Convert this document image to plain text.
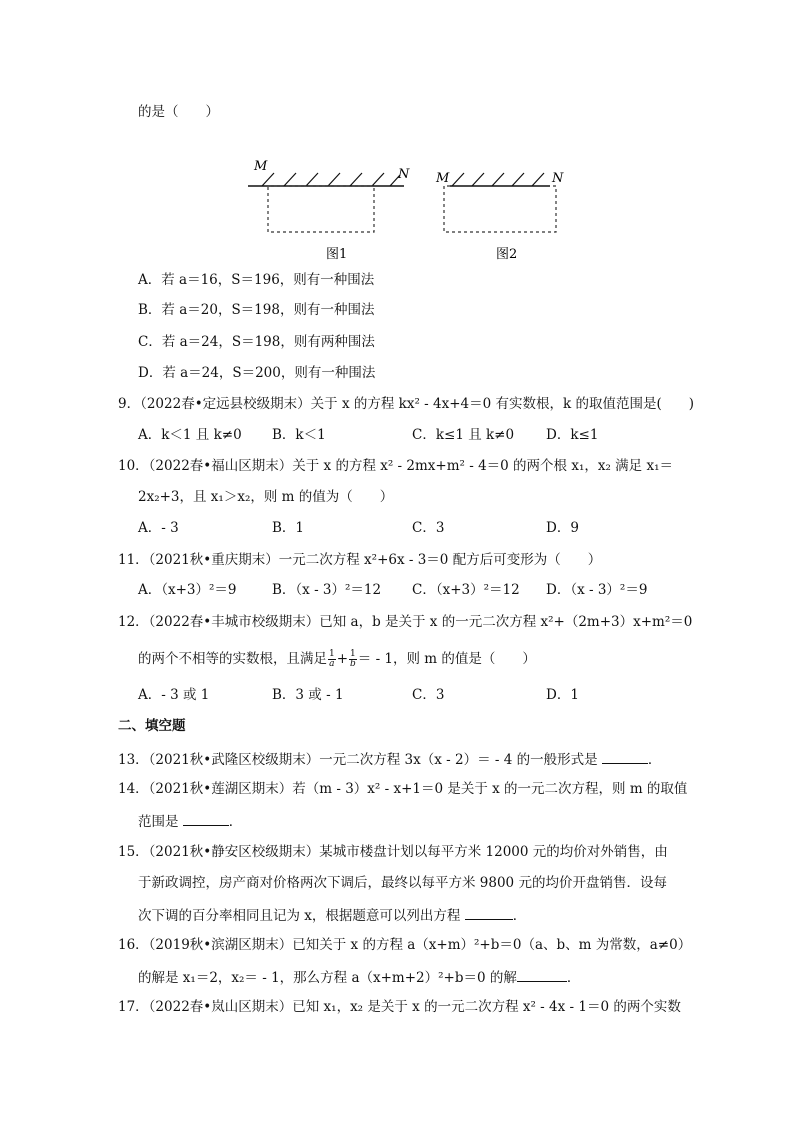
的是（　　）
M
N
图1
M	N
图2
A．若 a＝16，S＝196，则有一种围法
B．若 a＝20，S＝198，则有一种围法
C．若 a＝24，S＝198，则有两种围法
D．若 a＝24，S＝200，则有一种围法
9．（2022春•定远县校级期末）关于 x 的方程 kx² - 4x+4＝0 有实数根，k 的取值范围是(　　)
A．k＜1 且 k≠0 B．k＜1	C．k≤1 且 k≠0 D．k≤1
10．（2022春•福山区期末）关于 x 的方程 x² - 2mx+m² - 4＝0 的两个根 x₁，x₂ 满足 x₁＝
2x₂+3，且 x₁＞x₂，则 m 的值为（　　）
A．- 3	B．1	C．3	D．9
11．（2021秋•重庆期末）一元二次方程 x²+6x - 3＝0 配方后可变形为（　　）
A．（x+3）²＝9	B．（x - 3）²＝12 C．（x+3）²＝12 D．（x - 3）²＝9
12．（2022春•丰城市校级期末）已知 a，b 是关于 x 的一元二次方程 x²+（2m+3）x+m²＝0
的两个不相等的实数根，且满足 $\frac{1}{a} + \frac{1}{b}$ ＝ - 1，则 m 的值是（　　）
A．- 3 或 1	B．3 或 - 1	C．3	D．1
二、填空题
13．（2021秋•武隆区校级期末）一元二次方程 3x（x - 2）＝ - 4 的一般形式是	．
14．（2021秋•莲湖区期末）若（m - 3）x² - x+1＝0 是关于 x 的一元二次方程，则 m 的取值
范围是	．
15．（2021秋•静安区校级期末）某城市楼盘计划以每平方米 12000 元的均价对外销售，由
于新政调控，房产商对价格两次下调后，最终以每平方米 9800 元的均价开盘销售．设每
次下调的百分率相同且记为 x，根据题意可以列出方程	．
16．（2019秋•滨湖区期末）已知关于 x 的方程 a（x+m）²+b＝0（a、b、m 为常数，a≠0）
的解是 x₁＝2，x₂＝ - 1，那么方程 a（x+m+2）²+b＝0 的解	．
17．（2022春•岚山区期末）已知 x₁，x₂ 是关于 x 的一元二次方程 x² - 4x - 1＝0 的两个实数
